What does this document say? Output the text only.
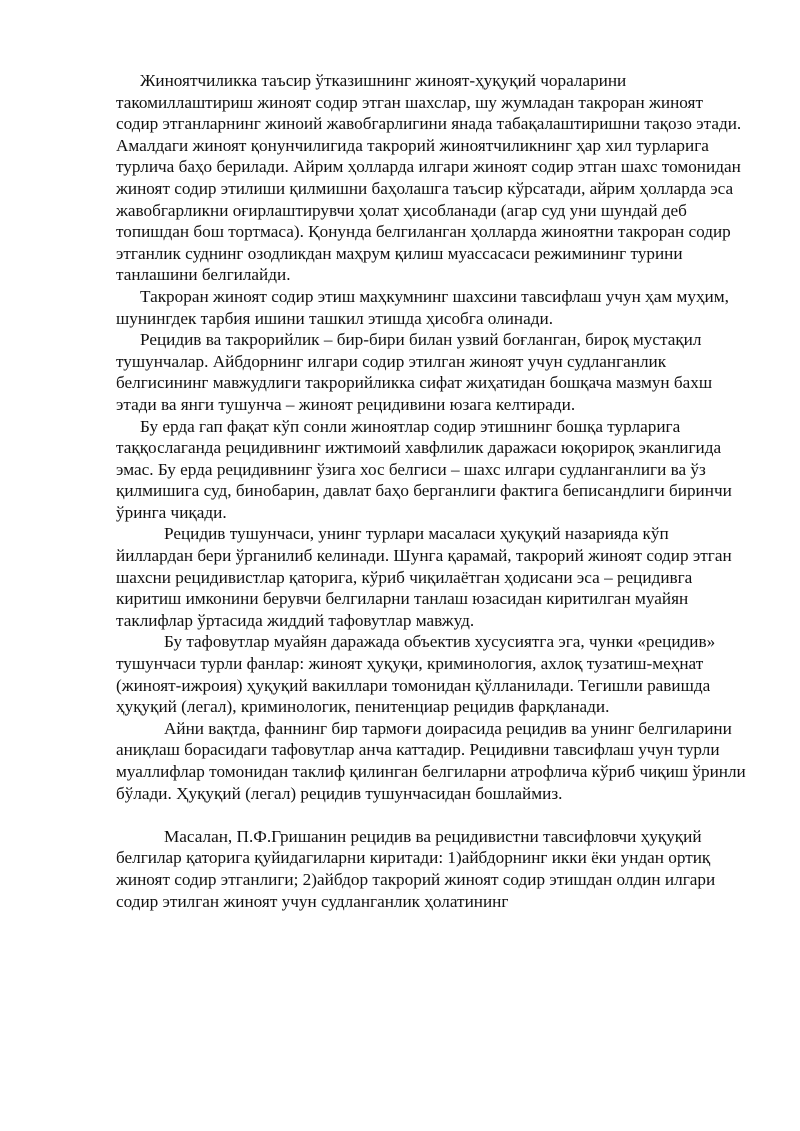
Жиноятчиликка таъсир ўтказишнинг жиноят-ҳуқуқий чораларини такомиллаштириш жиноят содир этган шахслар, шу жумладан такроран жиноят содир этганларнинг жиноий жавобгарлигини янада табақалаштиришни тақозо этади.

Амалдаги жиноят қонунчилигида такрорий жиноятчиликнинг ҳар хил турларига турлича баҳо берилади. Айрим ҳолларда илгари жиноят содир этган шахс томонидан жиноят содир этилиши қилмишни баҳолашга таъсир кўрсатади, айрим ҳолларда эса жавобгарликни оғирлаштирувчи ҳолат ҳисобланади (агар суд уни шундай деб топишдан бош тортмаса). Қонунда белгиланган ҳолларда жиноятни такроран содир этганлик суднинг озодликдан маҳрум қилиш муассасаси режимининг турини танлашини белгилайди.

Такроран жиноят содир этиш маҳкумнинг шахсини тавсифлаш учун ҳам муҳим, шунингдек тарбия ишини ташкил этишда ҳисобга олинади.

Рецидив ва такрорийлик – бир-бири билан узвий боғланган, бироқ мустақил тушунчалар. Айбдорнинг илгари содир этилган жиноят учун судланганлик белгисининг мавжудлиги такрорийликка сифат жиҳатидан бошқача мазмун бахш этади ва янги тушунча – жиноят рецидивини юзага келтиради.

Бу ерда гап фақат кўп сонли жиноятлар содир этишнинг бошқа турларига таққослаганда рецидивнинг ижтимоий хавфлилик даражаси юқорироқ эканлигида эмас. Бу ерда рецидивнинг ўзига хос белгиси – шахс илгари судланганлиги ва ўз қилмишига суд, бинобарин, давлат баҳо берганлиги фактига беписандлиги биринчи ўринга чиқади.

Рецидив тушунчаси, унинг турлари масаласи ҳуқуқий назарияда кўп йиллардан бери ўрганилиб келинади. Шунга қарамай, такрорий жиноят содир этган шахсни рецидивистлар қаторига, кўриб чиқилаётган ҳодисани эса – рецидивга киритиш имконини берувчи белгиларни танлаш юзасидан киритилган муайян таклифлар ўртасида жиддий тафовутлар мавжуд.

Бу тафовутлар муайян даражада объектив хусусиятга эга, чунки «рецидив» тушунчаси турли фанлар: жиноят ҳуқуқи, криминология, ахлоқ тузатиш-меҳнат (жиноят-ижроия) ҳуқуқий вакиллари томонидан қўлланилади. Тегишли равишда ҳуқуқий (легал), криминологик, пенитенциар рецидив фарқланади.

Айни вақтда, фаннинг бир тармоғи доирасида рецидив ва унинг белгиларини аниқлаш борасидаги тафовутлар анча каттадир. Рецидивни тавсифлаш учун турли муаллифлар томонидан таклиф қилинган белгиларни атрофлича кўриб чиқиш ўринли бўлади. Ҳуқуқий (легал) рецидив тушунчасидан бошлаймиз.

Масалан, П.Ф.Гришанин рецидив ва рецидивистни тавсифловчи ҳуқуқий белгилар қаторига қуйидагиларни киритади: 1)айбдорнинг икки ёки ундан ортиқ жиноят содир этганлиги; 2)айбдор такрорий жиноят содир этишдан олдин илгари содир этилган жиноят учун судланганлик ҳолатининг
